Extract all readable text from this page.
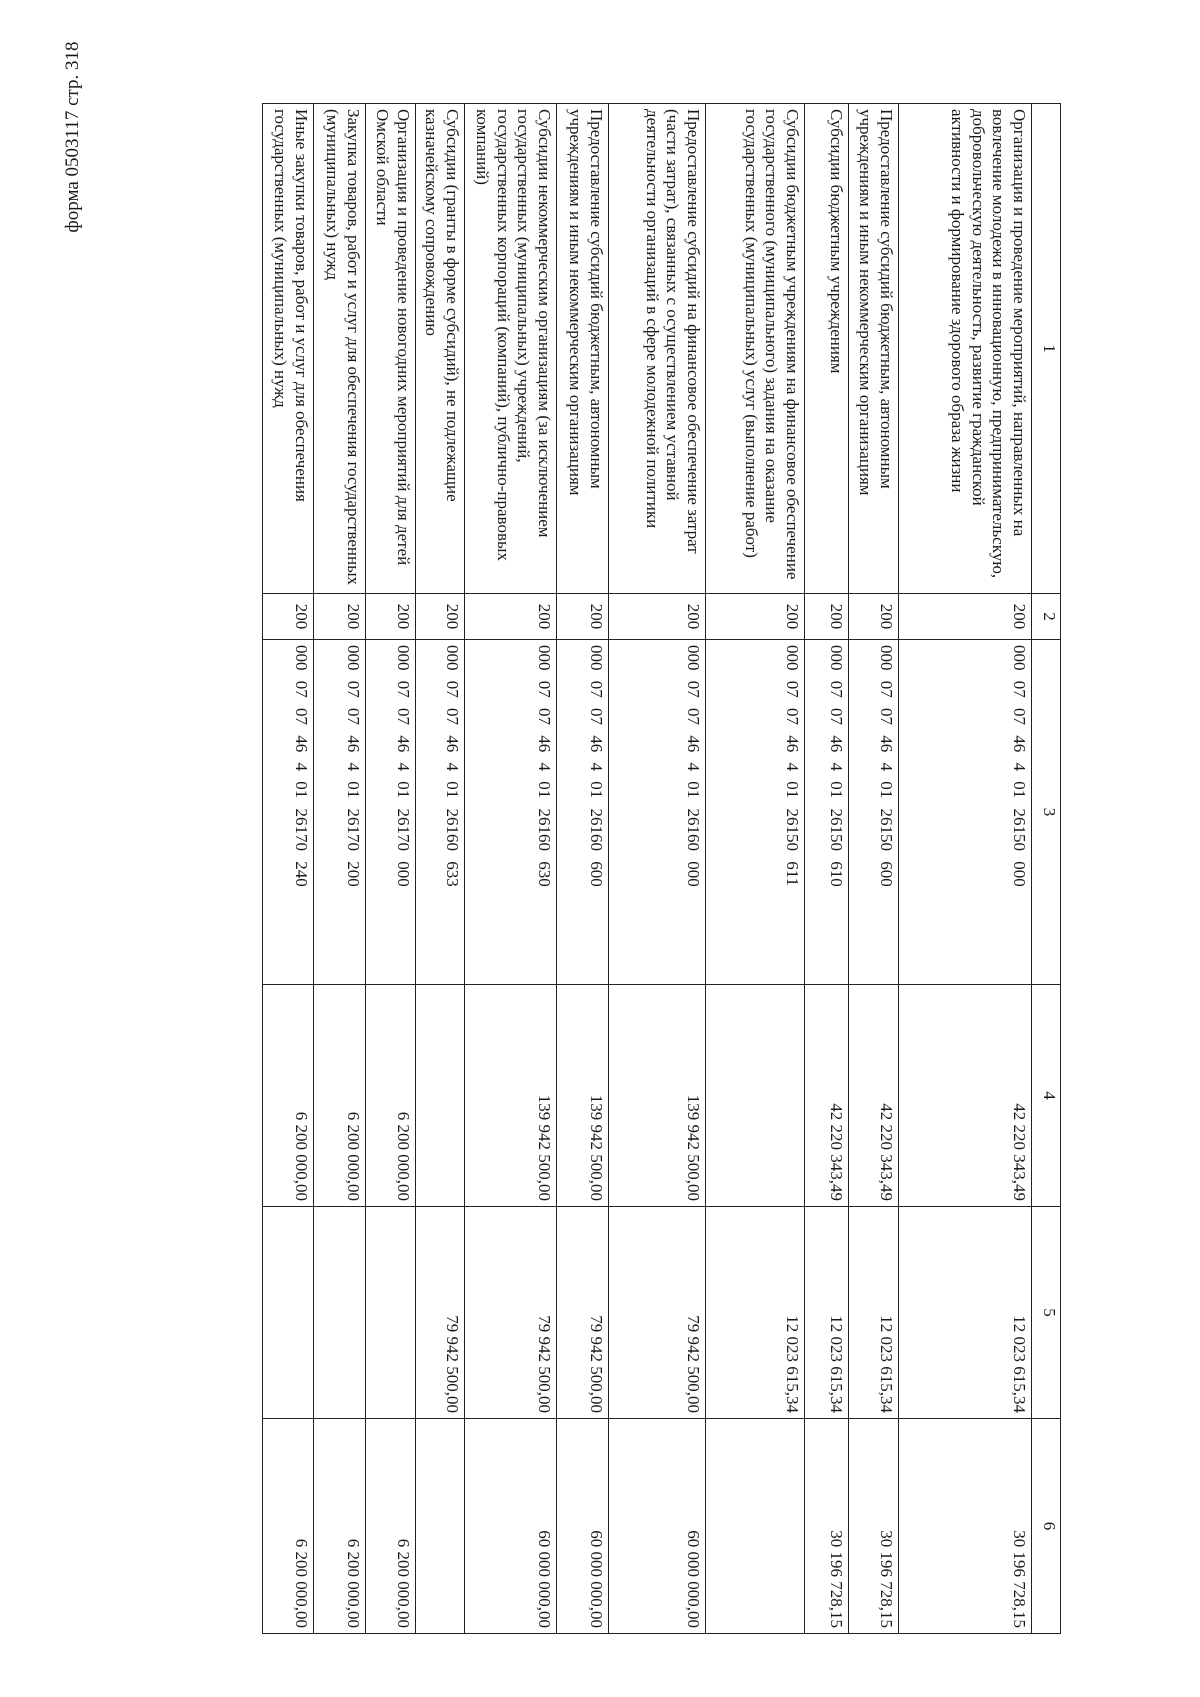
форма 0503117 стр. 318
1	2	3	4	5	6
Организация и проведение мероприятий, направленных на вовлечение молодежи в инновационную, предпринимательскую, добровольческую деятельность, развитие гражданской активности и формирование здорового образа жизни	200	000 07 07 46 4 01 26150 000	42 220 343,49	12 023 615,34	30 196 728,15
Предоставление субсидий бюджетным, автономным учреждениям и иным некоммерческим организациям	200	000 07 07 46 4 01 26150 600	42 220 343,49	12 023 615,34	30 196 728,15
Субсидии бюджетным учреждениям	200	000 07 07 46 4 01 26150 610	42 220 343,49	12 023 615,34	30 196 728,15
Субсидии бюджетным учреждениям на финансовое обеспечение государственного (муниципального) задания на оказание государственных (муниципальных) услуг (выполнение работ)	200	000 07 07 46 4 01 26150 611		12 023 615,34	
Предоставление субсидий на финансовое обеспечение затрат (части затрат), связанных с осуществлением уставной деятельности организаций в сфере молодежной политики	200	000 07 07 46 4 01 26160 000	139 942 500,00	79 942 500,00	60 000 000,00
Предоставление субсидий бюджетным, автономным учреждениям и иным некоммерческим организациям	200	000 07 07 46 4 01 26160 600	139 942 500,00	79 942 500,00	60 000 000,00
Субсидии некоммерческим организациям (за исключением государственных (муниципальных) учреждений, государственных корпораций (компаний), публично-правовых компаний)	200	000 07 07 46 4 01 26160 630	139 942 500,00	79 942 500,00	60 000 000,00
Субсидии (гранты в форме субсидий), не подлежащие казначейскому сопровождению	200	000 07 07 46 4 01 26160 633		79 942 500,00	
Организация и проведение новогодних мероприятий для детей Омской области	200	000 07 07 46 4 01 26170 000	6 200 000,00		6 200 000,00
Закупка товаров, работ и услуг для обеспечения государственных (муниципальных) нужд	200	000 07 07 46 4 01 26170 200	6 200 000,00		6 200 000,00
Иные закупки товаров, работ и услуг для обеспечения государственных (муниципальных) нужд	200	000 07 07 46 4 01 26170 240	6 200 000,00		6 200 000,00
